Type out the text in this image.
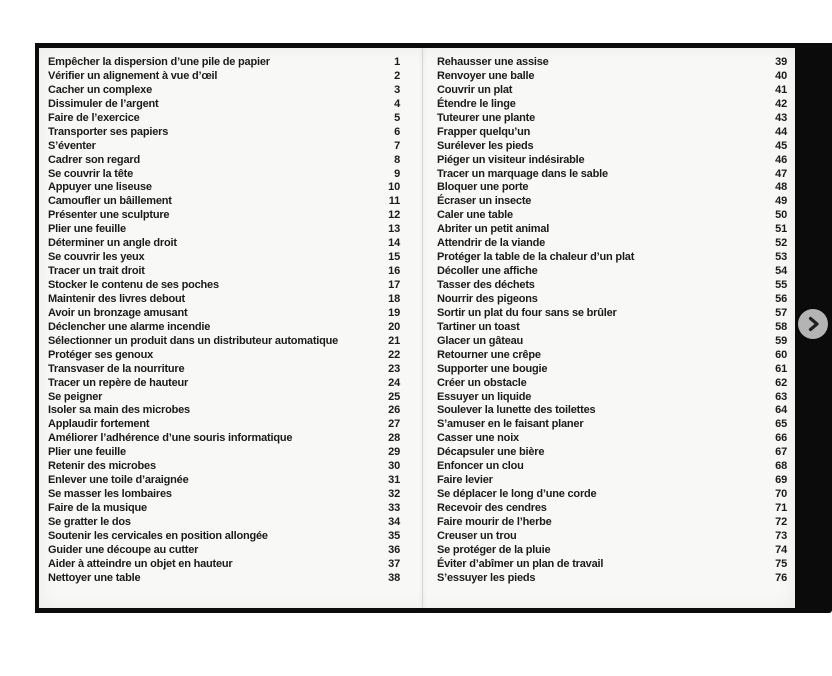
Empêcher la dispersion d’une pile de papier	1
Vérifier un alignement à vue d’œil	2
Cacher un complexe	3
Dissimuler de l’argent	4
Faire de l’exercice	5
Transporter ses papiers	6
S’éventer	7
Cadrer son regard	8
Se couvrir la tête	9
Appuyer une liseuse	10
Camoufler un bâillement	11
Présenter une sculpture	12
Plier une feuille	13
Déterminer un angle droit	14
Se couvrir les yeux	15
Tracer un trait droit	16
Stocker le contenu de ses poches	17
Maintenir des livres debout	18
Avoir un bronzage amusant	19
Déclencher une alarme incendie	20
Sélectionner un produit dans un distributeur automatique	21
Protéger ses genoux	22
Transvaser de la nourriture	23
Tracer un repère de hauteur	24
Se peigner	25
Isoler sa main des microbes	26
Applaudir fortement	27
Améliorer l’adhérence d’une souris informatique	28
Plier une feuille	29
Retenir des microbes	30
Enlever une toile d’araignée	31
Se masser les lombaires	32
Faire de la musique	33
Se gratter le dos	34
Soutenir les cervicales en position allongée	35
Guider une découpe au cutter	36
Aider à atteindre un objet en hauteur	37
Nettoyer une table	38
Rehausser une assise	39
Renvoyer une balle	40
Couvrir un plat	41
Étendre le linge	42
Tuteurer une plante	43
Frapper quelqu’un	44
Surélever les pieds	45
Piéger un visiteur indésirable	46
Tracer un marquage dans le sable	47
Bloquer une porte	48
Écraser un insecte	49
Caler une table	50
Abriter un petit animal	51
Attendrir de la viande	52
Protéger la table de la chaleur d’un plat	53
Décoller une affiche	54
Tasser des déchets	55
Nourrir des pigeons	56
Sortir un plat du four sans se brûler	57
Tartiner un toast	58
Glacer un gâteau	59
Retourner une crêpe	60
Supporter une bougie	61
Créer un obstacle	62
Essuyer un liquide	63
Soulever la lunette des toilettes	64
S’amuser en le faisant planer	65
Casser une noix	66
Décapsuler une bière	67
Enfoncer un clou	68
Faire levier	69
Se déplacer le long d’une corde	70
Recevoir des cendres	71
Faire mourir de l’herbe	72
Creuser un trou	73
Se protéger de la pluie	74
Éviter d’abîmer un plan de travail	75
S’essuyer les pieds	76
